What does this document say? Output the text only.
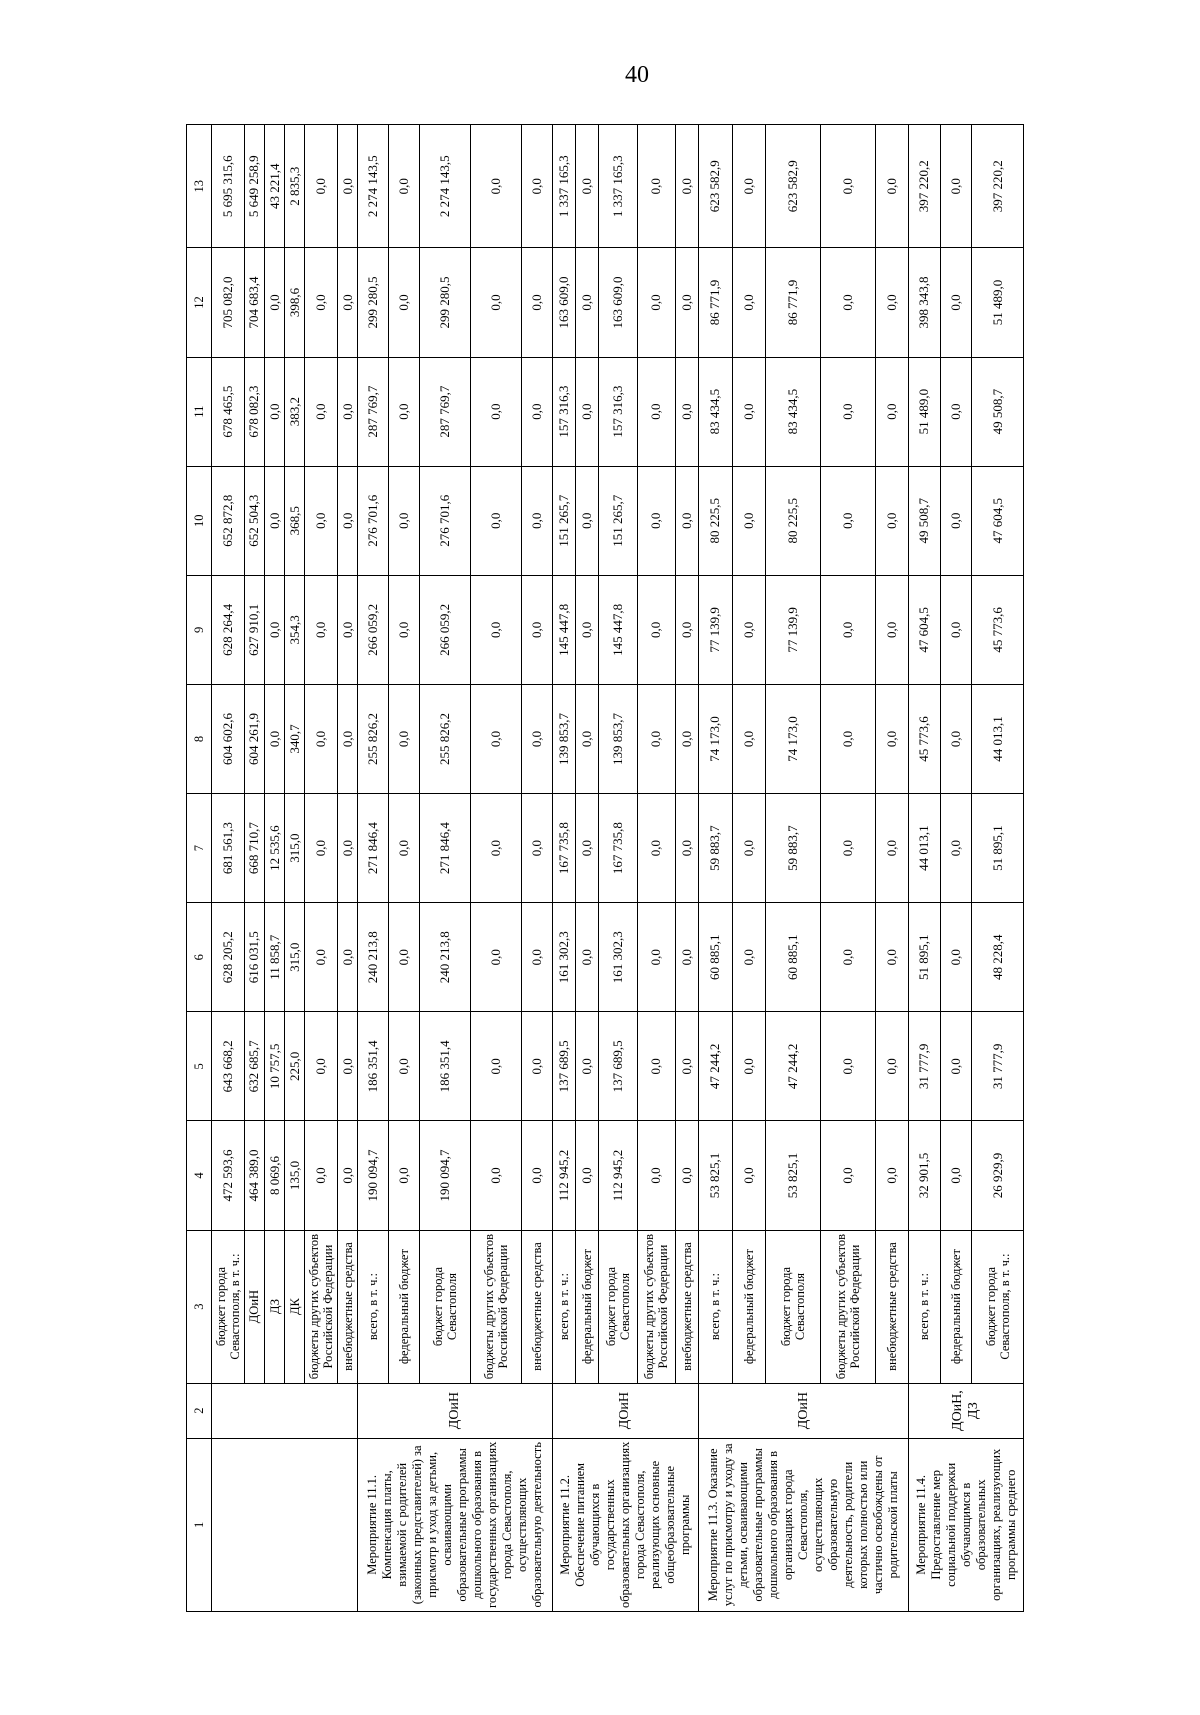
40
1	2	3	4	5	6	7	8	9	10	11	12	13
		бюджет города Севастополя, в т. ч.:	472 593,6	643 668,2	628 205,2	681 561,3	604 602,6	628 264,4	652 872,8	678 465,5	705 082,0	5 695 315,6
		ДОиН	464 389,0	632 685,7	616 031,5	668 710,7	604 261,9	627 910,1	652 504,3	678 082,3	704 683,4	5 649 258,9
		ДЗ	8 069,6	10 757,5	11 858,7	12 535,6	0,0	0,0	0,0	0,0	0,0	43 221,4
		ДК	135,0	225,0	315,0	315,0	340,7	354,3	368,5	383,2	398,6	2 835,3
		бюджеты других субъектов Российской Федерации	0,0	0,0	0,0	0,0	0,0	0,0	0,0	0,0	0,0	0,0
		внебюджетные средства	0,0	0,0	0,0	0,0	0,0	0,0	0,0	0,0	0,0	0,0
Мероприятие 11.1. Компенсация платы, взимаемой с родителей (законных представителей) за присмотр и уход за детьми, осваивающими образовательные программы дошкольного образования в государственных организациях города Севастополя, осуществляющих образовательную деятельность	ДОиН	всего, в т. ч.:	190 094,7	186 351,4	240 213,8	271 846,4	255 826,2	266 059,2	276 701,6	287 769,7	299 280,5	2 274 143,5
		федеральный бюджет	0,0	0,0	0,0	0,0	0,0	0,0	0,0	0,0	0,0	0,0
		бюджет города Севастополя	190 094,7	186 351,4	240 213,8	271 846,4	255 826,2	266 059,2	276 701,6	287 769,7	299 280,5	2 274 143,5
		бюджеты других субъектов Российской Федерации	0,0	0,0	0,0	0,0	0,0	0,0	0,0	0,0	0,0	0,0
		внебюджетные средства	0,0	0,0	0,0	0,0	0,0	0,0	0,0	0,0	0,0	0,0
Мероприятие 11.2. Обеспечение питанием обучающихся в государственных образовательных организациях города Севастополя, реализующих основные общеобразовательные программы	ДОиН	всего, в т. ч.:	112 945,2	137 689,5	161 302,3	167 735,8	139 853,7	145 447,8	151 265,7	157 316,3	163 609,0	1 337 165,3
		федеральный бюджет	0,0	0,0	0,0	0,0	0,0	0,0	0,0	0,0	0,0	0,0
		бюджет города Севастополя	112 945,2	137 689,5	161 302,3	167 735,8	139 853,7	145 447,8	151 265,7	157 316,3	163 609,0	1 337 165,3
		бюджеты других субъектов Российской Федерации	0,0	0,0	0,0	0,0	0,0	0,0	0,0	0,0	0,0	0,0
		внебюджетные средства	0,0	0,0	0,0	0,0	0,0	0,0	0,0	0,0	0,0	0,0
Мероприятие 11.3. Оказание услуг по присмотру и уходу за детьми, осваивающими образовательные программы дошкольного образования в организациях города Севастополя, осуществляющих образовательную деятельность, родители которых полностью или частично освобождены от родительской платы	ДОиН	всего, в т. ч.:	53 825,1	47 244,2	60 885,1	59 883,7	74 173,0	77 139,9	80 225,5	83 434,5	86 771,9	623 582,9
		федеральный бюджет	0,0	0,0	0,0	0,0	0,0	0,0	0,0	0,0	0,0	0,0
		бюджет города Севастополя	53 825,1	47 244,2	60 885,1	59 883,7	74 173,0	77 139,9	80 225,5	83 434,5	86 771,9	623 582,9
		бюджеты других субъектов Российской Федерации	0,0	0,0	0,0	0,0	0,0	0,0	0,0	0,0	0,0	0,0
		внебюджетные средства	0,0	0,0	0,0	0,0	0,0	0,0	0,0	0,0	0,0	0,0
Мероприятие 11.4. Предоставление мер социальной поддержки обучающимся в образовательных организациях, реализующих программы среднего	ДОиН, ДЗ	всего, в т. ч.:	32 901,5	31 777,9	51 895,1	44 013,1	45 773,6	47 604,5	49 508,7	51 489,0	398 343,8	397 220,2
		федеральный бюджет	0,0	0,0	0,0	0,0	0,0	0,0	0,0	0,0	0,0	0,0
		бюджет города Севастополя, в т. ч.:	26 929,9	31 777,9	48 228,4	51 895,1	44 013,1	45 773,6	47 604,5	49 508,7	51 489,0	397 220,2
